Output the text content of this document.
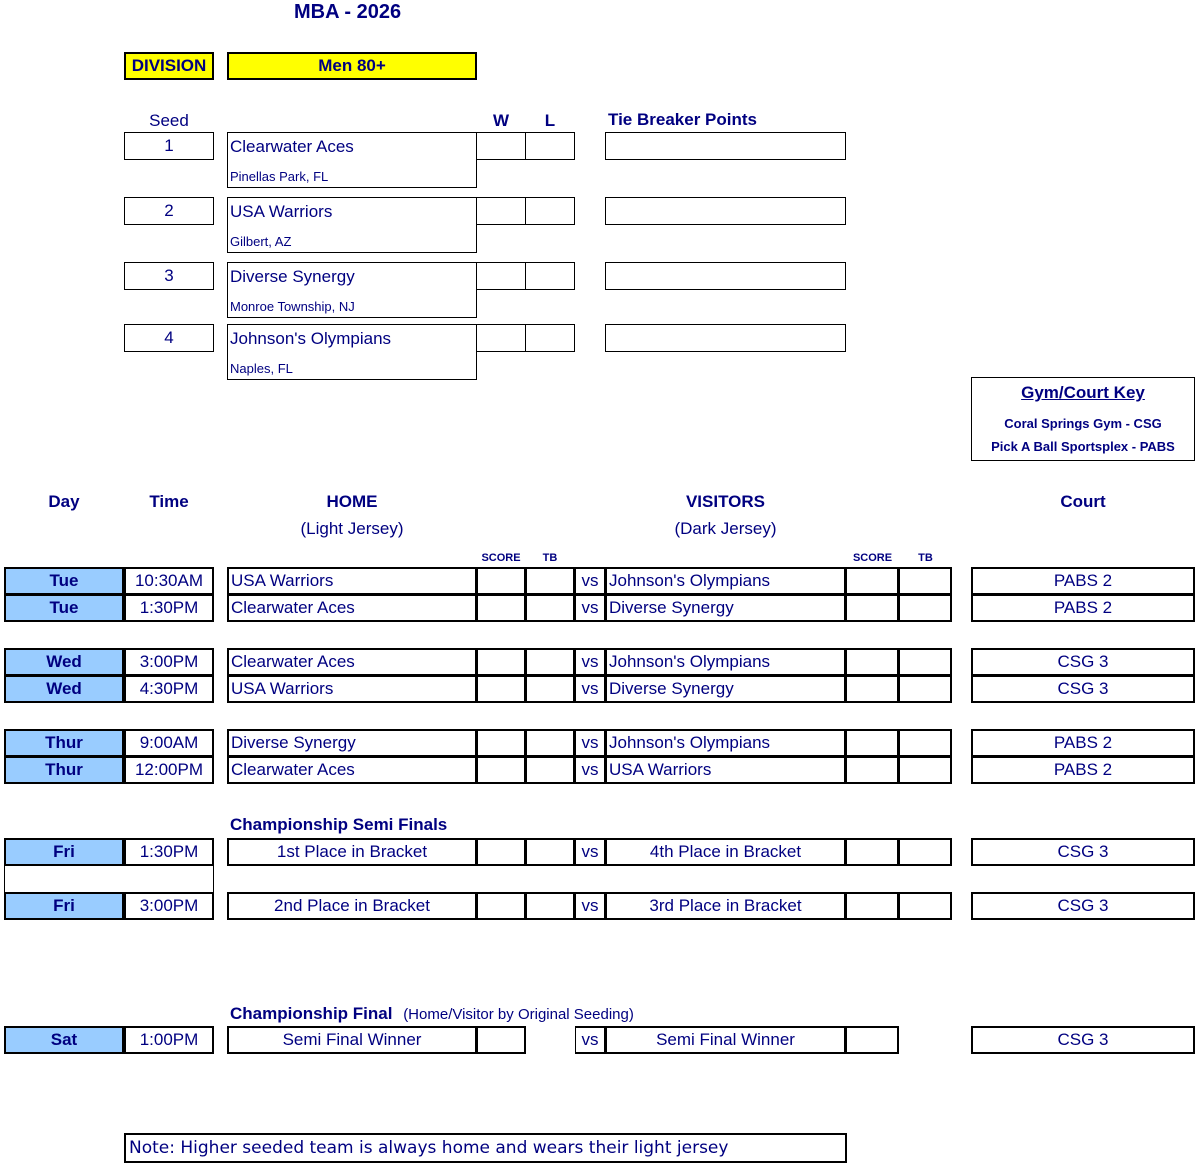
MBA - 2026
DIVISION	Men 80+
Seed	W	L	Tie Breaker Points
1	Clearwater Aces
Pinellas Park, FL
2	USA Warriors
Gilbert, AZ
3	Diverse Synergy
Monroe Township, NJ
4	Johnson's Olympians
Naples, FL
Gym/Court Key
Coral Springs Gym - CSG
Pick A Ball Sportsplex - PABS
Day	Time	HOME
(Light Jersey)
VISITORS
(Dark Jersey)
Court
SCORE	TB	SCORE	TB
Tue	10:30AM	USA Warriors	vs Johnson's Olympians	PABS 2
Tue	1:30PM	Clearwater Aces	vs Diverse Synergy	PABS 2
Wed	3:00PM	Clearwater Aces	vs Johnson's Olympians	CSG 3
Wed	4:30PM	USA Warriors	vs Diverse Synergy	CSG 3
Thur	9:00AM	Diverse Synergy	vs Johnson's Olympians	PABS 2
Thur	12:00PM	Clearwater Aces	vs USA Warriors	PABS 2
Championship Semi Finals
Fri	1:30PM	1st Place in Bracket	vs	4th Place in Bracket	CSG 3
Fri	3:00PM	2nd Place in Bracket	vs	3rd Place in Bracket	CSG 3
Championship Final (Home/Visitor by Original Seeding)
Sat	1:00PM	Semi Final Winner	vs	Semi Final Winner	CSG 3
Note: Higher seeded team is always home and wears their light jersey
